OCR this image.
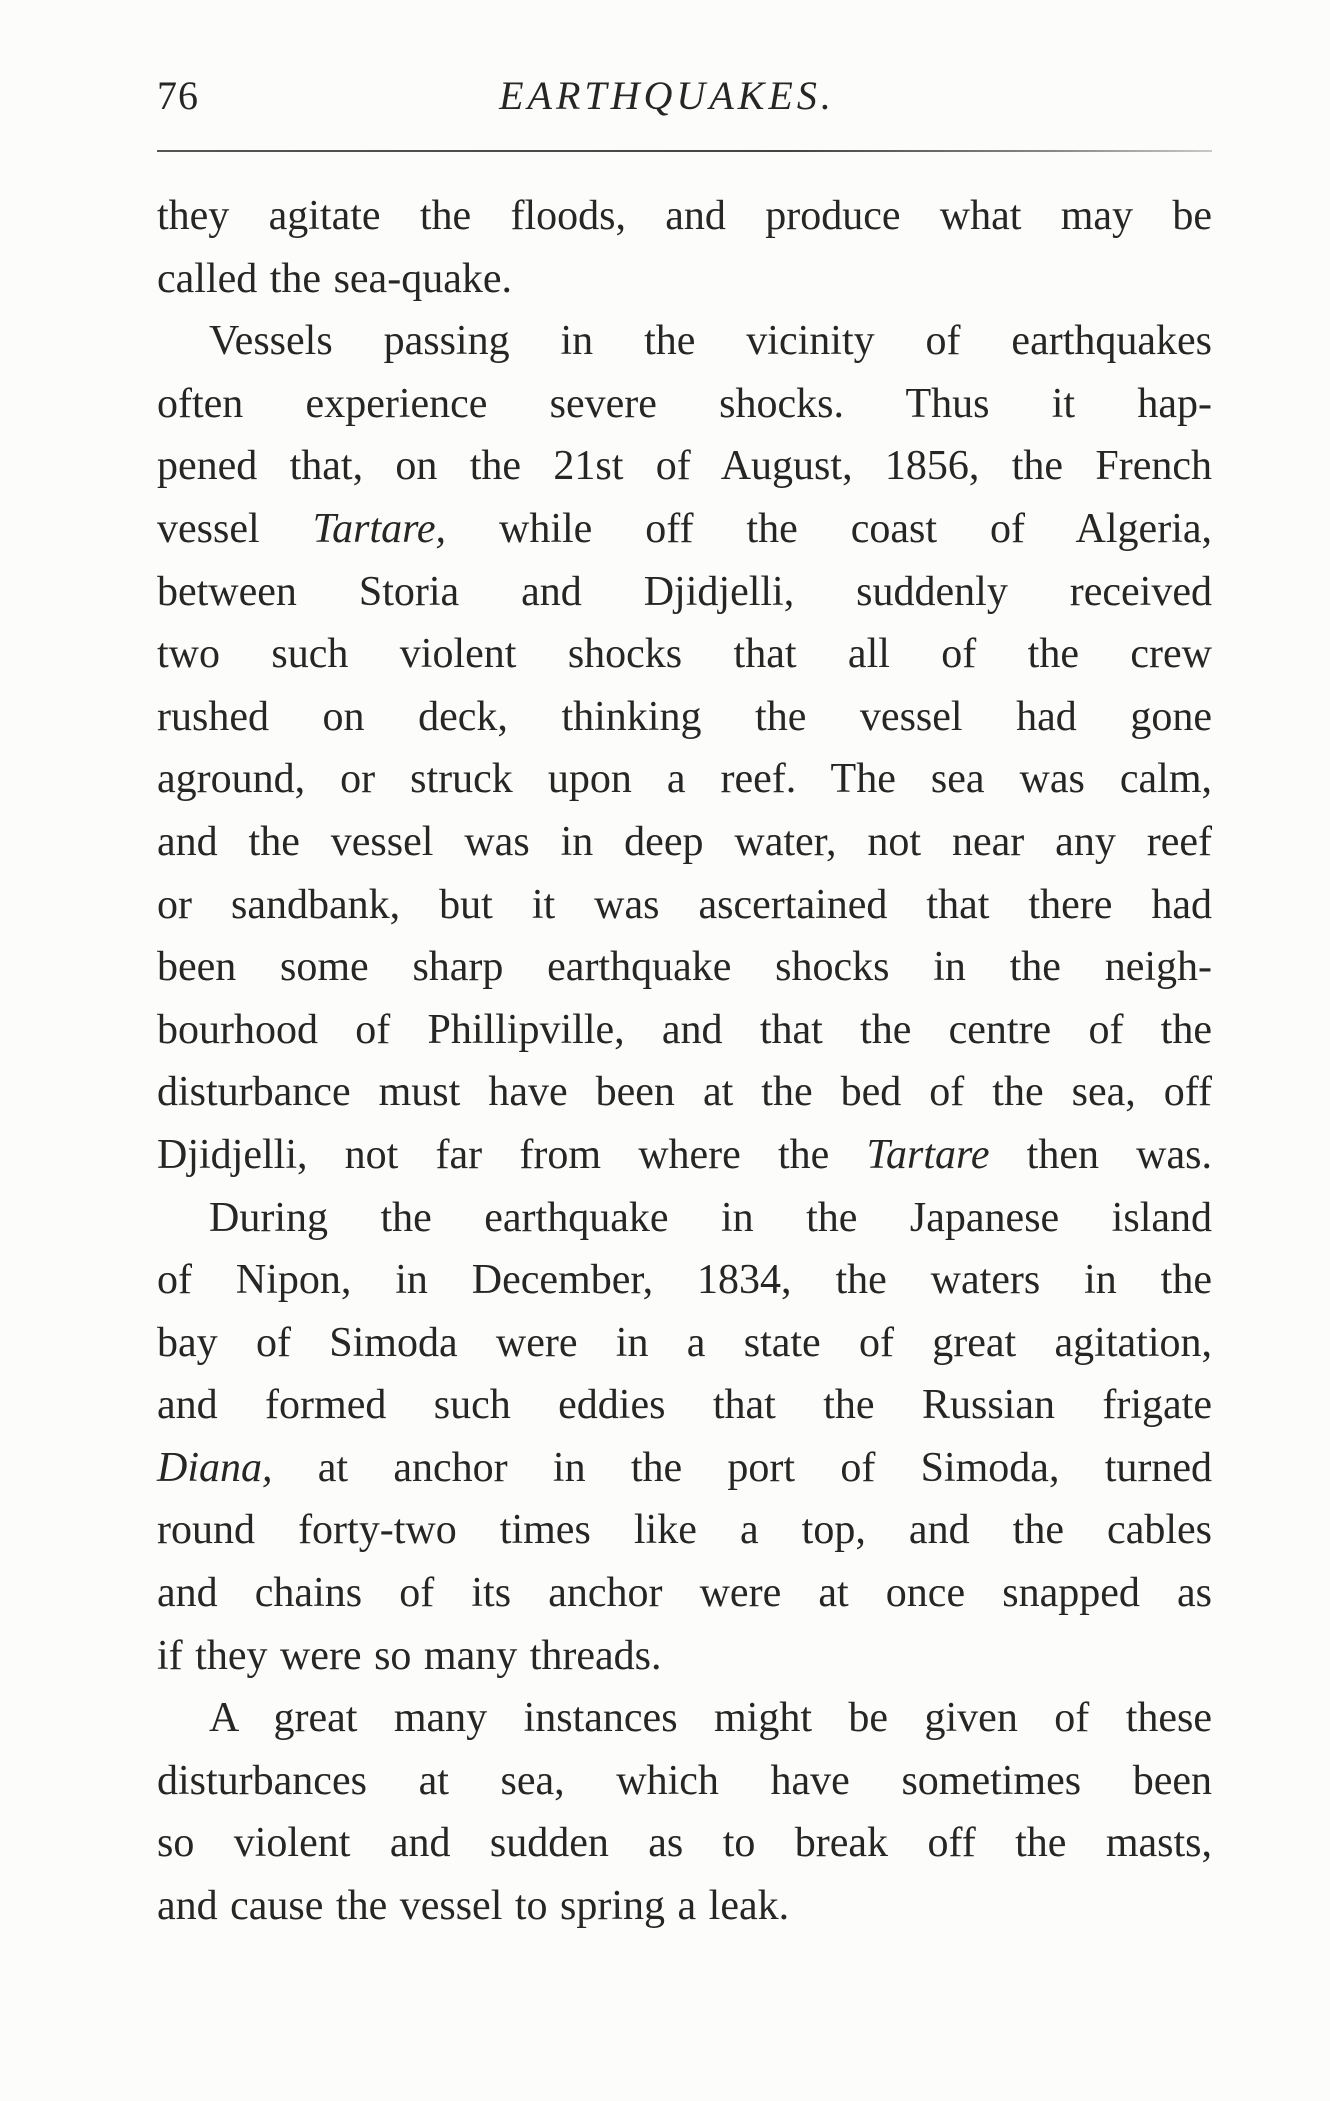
76	EARTHQUAKES.
they agitate the floods, and produce what may be
called the sea-quake.
Vessels passing in the vicinity of earthquakes
often experience severe shocks. Thus it hap-
pened that, on the 21st of August, 1856, the French
vessel Tartare, while off the coast of Algeria,
between Storia and Djidjelli, suddenly received
two such violent shocks that all of the crew
rushed on deck, thinking the vessel had gone
aground, or struck upon a reef. The sea was calm,
and the vessel was in deep water, not near any reef
or sandbank, but it was ascertained that there had
been some sharp earthquake shocks in the neigh-
bourhood of Phillipville, and that the centre of the
disturbance must have been at the bed of the sea, off
Djidjelli, not far from where the Tartare then was.
During the earthquake in the Japanese island
of Nipon, in December, 1834, the waters in the
bay of Simoda were in a state of great agitation,
and formed such eddies that the Russian frigate
Diana, at anchor in the port of Simoda, turned
round forty-two times like a top, and the cables
and chains of its anchor were at once snapped as
if they were so many threads.
A great many instances might be given of these
disturbances at sea, which have sometimes been
so violent and sudden as to break off the masts,
and cause the vessel to spring a leak.
